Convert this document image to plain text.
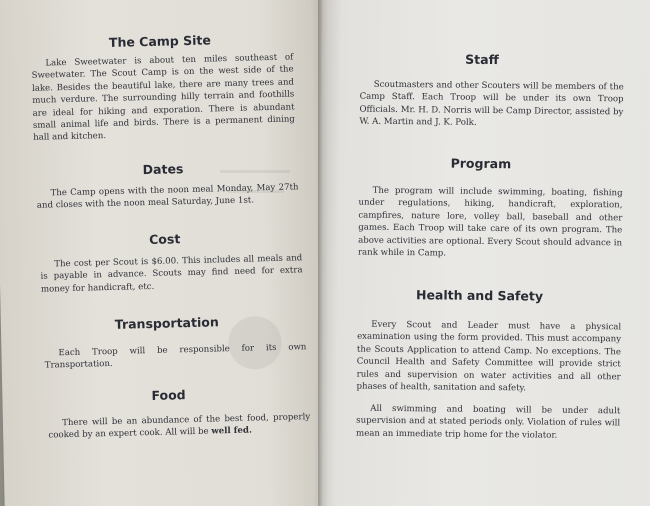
The Camp Site

Lake Sweetwater is about ten miles southeast of Sweetwater. The Scout Camp is on the west side of the lake. Besides the beautiful lake, there are many trees and much verdure. The surrounding hilly terrain and foothills are ideal for hiking and exporation. There is abundant small animal life and birds. There is a permanent dining hall and kitchen.

Dates

The Camp opens with the noon meal Monday, May 27th and closes with the noon meal Saturday, June 1st.

Cost

The cost per Scout is $6.00. This includes all meals and is payable in advance. Scouts may find need for extra money for handicraft, etc.

Transportation

Each Troop will be responsible for its own Transportation.

Food

There will be an abundance of the best food, properly cooked by an expert cook. All will be well fed.

Staff

Scoutmasters and other Scouters will be members of the Camp Staff. Each Troop will be under its own Troop Officials. Mr. H. D. Norris will be Camp Director, assisted by W. A. Martin and J. K. Polk.

Program

The program will include swimming, boating, fishing under regulations, hiking, handicraft, exploration, campfires, nature lore, volley ball, baseball and other games. Each Troop will take care of its own program. The above activities are optional. Every Scout should advance in rank while in Camp.

Health and Safety

Every Scout and Leader must have a physical examination using the form provided. This must accompany the Scouts Application to attend Camp. No exceptions. The Council Health and Safety Committee will provide strict rules and supervision on water activities and all other phases of health, sanitation and safety.

All swimming and boating will be under adult supervision and at stated periods only. Violation of rules will mean an immediate trip home for the violator.
